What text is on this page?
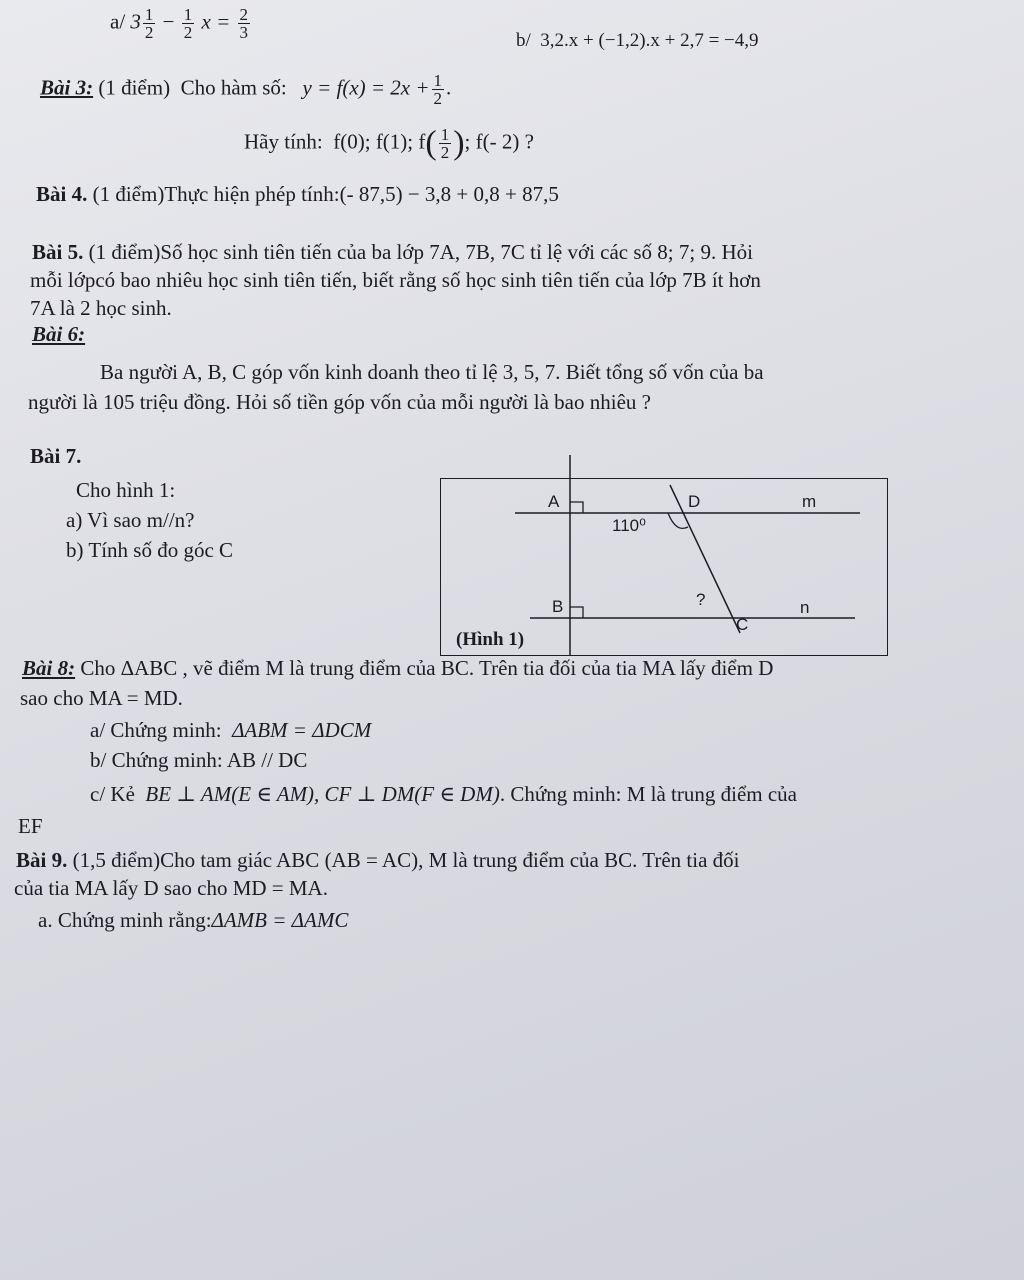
a/ $3 \frac{1}{2} - \frac{1}{2}$ $x = \frac{2}{3}$	b/ 3,2.x + (−1,2).x + 2,7 = −4,9
Bài 3: (1 điểm) Cho hàm số: $y = f(x) = 2x + \frac{1}{2}$ .
Hãy tính: f(0); f(1); $f( \frac{1}{2}$ ); f(- 2) ?
Bài 4. (1 điểm)Thực hiện phép tính:(- 87,5) − 3,8 + 0,8 + 87,5
Bài 5. (1 điểm)Số học sinh tiên tiến của ba lớp 7A, 7B, 7C tỉ lệ với các số 8; 7; 9. Hỏi
mỗi lớpcó bao nhiêu học sinh tiên tiến, biết rằng số học sinh tiên tiến của lớp 7B ít hơn
7A là 2 học sinh.
Bài 6:
Ba người A, B, C góp vốn kinh doanh theo tỉ lệ 3, 5, 7. Biết tổng số vốn của ba
người là 105 triệu đồng. Hỏi số tiền góp vốn của mỗi người là bao nhiêu ?
Bài 7.
Cho hình 1:
a) Vì sao m//n?
b) Tính số đo góc C
A	D	m
110⁰
B	?	n
C
(Hình 1)
Bài 8: Cho ΔABC , vẽ điểm M là trung điểm của BC. Trên tia đối của tia MA lấy điểm D
sao cho MA = MD.
a/ Chứng minh: ΔABM = ΔDCM
b/ Chứng minh: AB // DC
c/ Kẻ BE ⊥ AM(E ∈ AM), CF ⊥ DM(F ∈ DM). Chứng minh: M là trung điểm của
EF
Bài 9. (1,5 điểm)Cho tam giác ABC (AB = AC), M là trung điểm của BC. Trên tia đối
của tia MA lấy D sao cho MD = MA.
a. Chứng minh rằng:ΔAMB = ΔAMC
